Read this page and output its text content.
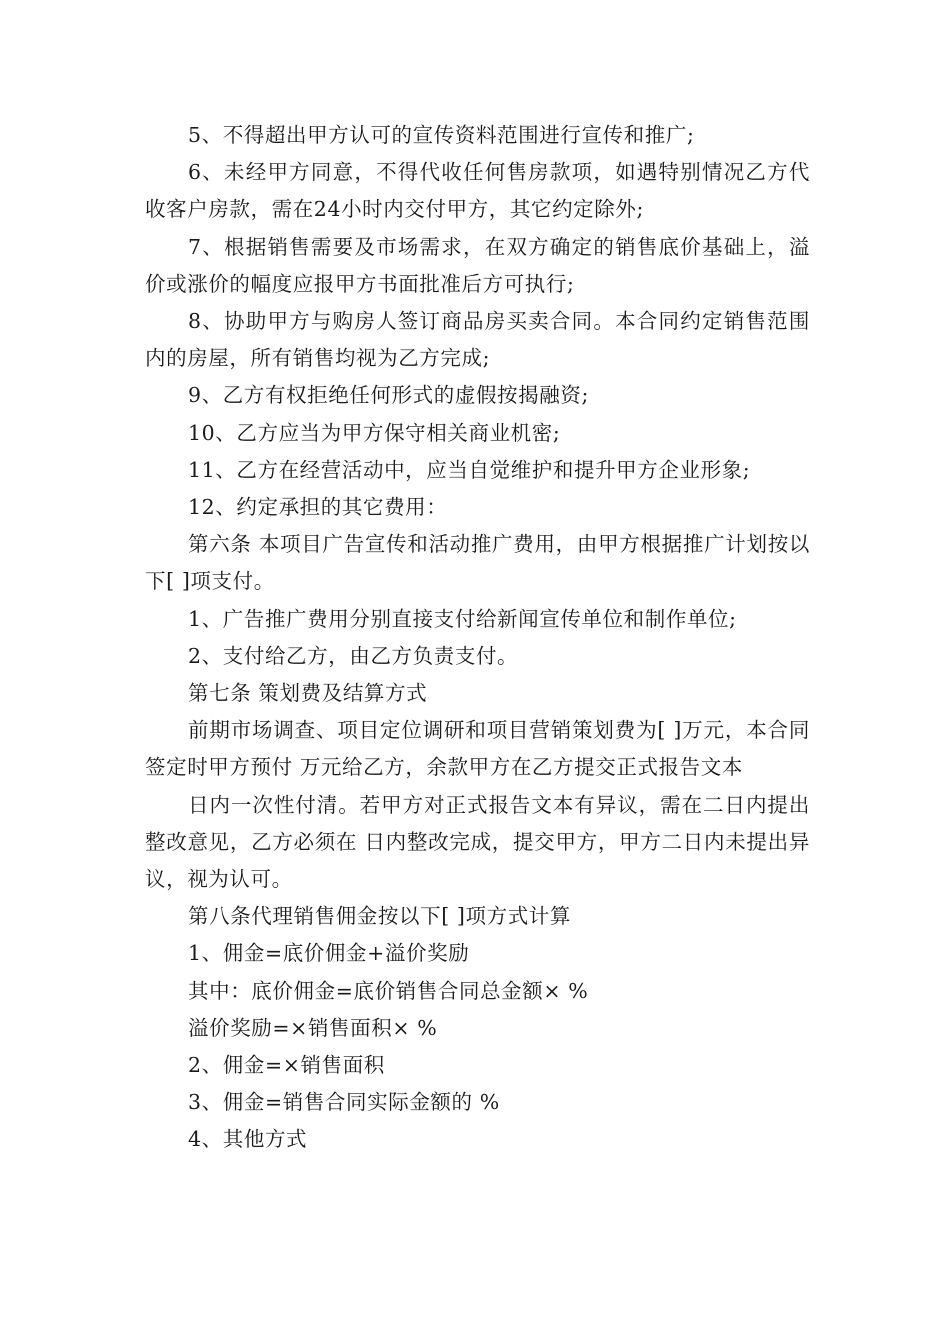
5、不得超出甲方认可的宣传资料范围进行宣传和推广;

6、未经甲方同意，不得代收任何售房款项，如遇特别情况乙方代收客户房款，需在24小时内交付甲方，其它约定除外;

7、根据销售需要及市场需求，在双方确定的销售底价基础上，溢价或涨价的幅度应报甲方书面批准后方可执行;

8、协助甲方与购房人签订商品房买卖合同。本合同约定销售范围内的房屋，所有销售均视为乙方完成;

9、乙方有权拒绝任何形式的虚假按揭融资;

10、乙方应当为甲方保守相关商业机密;

11、乙方在经营活动中，应当自觉维护和提升甲方企业形象;

12、约定承担的其它费用：

第六条 本项目广告宣传和活动推广费用，由甲方根据推广计划按以下[ ]项支付。

1、广告推广费用分别直接支付给新闻宣传单位和制作单位;

2、支付给乙方，由乙方负责支付。

第七条 策划费及结算方式

前期市场调查、项目定位调研和项目营销策划费为[ ]万元，本合同签定时甲方预付 万元给乙方，余款甲方在乙方提交正式报告文本

日内一次性付清。若甲方对正式报告文本有异议，需在二日内提出整改意见，乙方必须在 日内整改完成，提交甲方，甲方二日内未提出异议，视为认可。

第八条代理销售佣金按以下[ ]项方式计算

1、佣金=底价佣金+溢价奖励

其中：底价佣金=底价销售合同总金额× %

溢价奖励=×销售面积× %

2、佣金=×销售面积

3、佣金=销售合同实际金额的 %

4、其他方式
